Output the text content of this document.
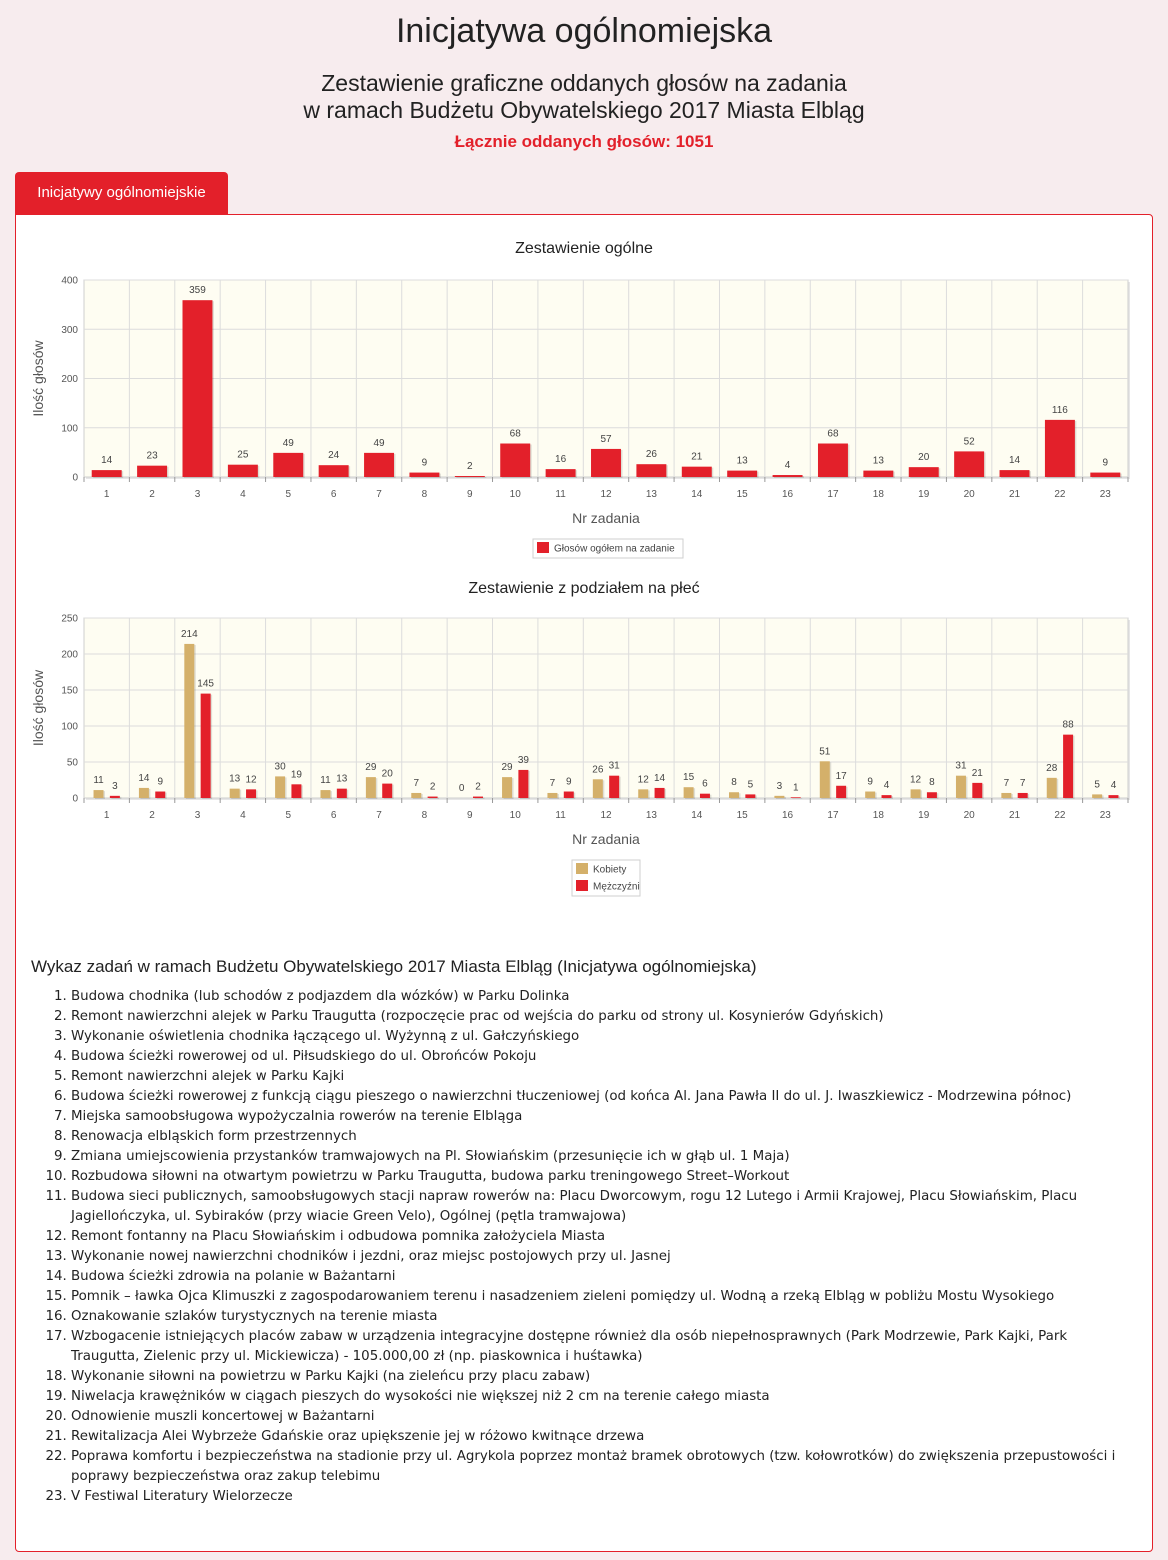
Inicjatywa ogólnomiejska
Zestawienie graficzne oddanych głosów na zadania
w ramach Budżetu Obywatelskiego 2017 Miasta Elbląg
Łącznie oddanych głosów: 1051
Inicjatywy ogólnomiejskie
Zestawienie ogólne
0
100
200
300
400
1	2	3	4	5	6	7	8	9	10	11	12	13	14	15	16	17	18	19	20	21	22	23
14	23
359
25
49
24
49
9	2
68
16
57
26	21	13	4
68
13	20
52
14
116
9
Nr zadania
Ilość głosów
Głosów ogółem na zadanie
Zestawienie z podziałem na płeć
0
50
100
150
200
250
1	2	3	4	5	6	7	8	9	10	11	12	13	14	15	16	17	18	19	20	21	22	23
11	14
214
13
30
11
29
7	0
29
7
26
12	15	8	3
51
9	12
31
7
28
5
3	9
145
12	19	13	20
2	2
39
9
31
14
6	5	1
17
4	8
21
7
88
4
Nr zadania
Ilość głosów
Kobiety
Mężczyźni
Wykaz zadań w ramach Budżetu Obywatelskiego 2017 Miasta Elbląg (Inicjatywa ogólnomiejska)
1. Budowa chodnika (lub schodów z podjazdem dla wózków) w Parku Dolinka
2. Remont nawierzchni alejek w Parku Traugutta (rozpoczęcie prac od wejścia do parku od strony ul. Kosynierów Gdyńskich)
3. Wykonanie oświetlenia chodnika łączącego ul. Wyżynną z ul. Gałczyńskiego
4. Budowa ścieżki rowerowej od ul. Piłsudskiego do ul. Obrońców Pokoju
5. Remont nawierzchni alejek w Parku Kajki
6. Budowa ścieżki rowerowej z funkcją ciągu pieszego o nawierzchni tłuczeniowej (od końca Al. Jana Pawła II do ul. J. Iwaszkiewicz - Modrzewina północ)
7. Miejska samoobsługowa wypożyczalnia rowerów na terenie Elbląga
8. Renowacja elbląskich form przestrzennych
9. Zmiana umiejscowienia przystanków tramwajowych na Pl. Słowiańskim (przesunięcie ich w głąb ul. 1 Maja)
10. Rozbudowa siłowni na otwartym powietrzu w Parku Traugutta, budowa parku treningowego Street–Workout
11. Budowa sieci publicznych, samoobsługowych stacji napraw rowerów na: Placu Dworcowym, rogu 12 Lutego i Armii Krajowej, Placu Słowiańskim, Placu Jagiellończyka, ul. Sybiraków (przy wiacie Green Velo), Ogólnej (pętla tramwajowa)
12. Remont fontanny na Placu Słowiańskim i odbudowa pomnika założyciela Miasta
13. Wykonanie nowej nawierzchni chodników i jezdni, oraz miejsc postojowych przy ul. Jasnej
14. Budowa ścieżki zdrowia na polanie w Bażantarni
15. Pomnik – ławka Ojca Klimuszki z zagospodarowaniem terenu i nasadzeniem zieleni pomiędzy ul. Wodną a rzeką Elbląg w pobliżu Mostu Wysokiego
16. Oznakowanie szlaków turystycznych na terenie miasta
17. Wzbogacenie istniejących placów zabaw w urządzenia integracyjne dostępne również dla osób niepełnosprawnych (Park Modrzewie, Park Kajki, Park Traugutta, Zielenic przy ul. Mickiewicza) - 105.000,00 zł (np. piaskownica i huśtawka)
18. Wykonanie siłowni na powietrzu w Parku Kajki (na zieleńcu przy placu zabaw)
19. Niwelacja krawężników w ciągach pieszych do wysokości nie większej niż 2 cm na terenie całego miasta
20. Odnowienie muszli koncertowej w Bażantarni
21. Rewitalizacja Alei Wybrzeże Gdańskie oraz upiększenie jej w różowo kwitnące drzewa
22. Poprawa komfortu i bezpieczeństwa na stadionie przy ul. Agrykola poprzez montaż bramek obrotowych (tzw. kołowrotków) do zwiększenia przepustowości i poprawy bezpieczeństwa oraz zakup telebimu
23. V Festiwal Literatury Wielorzecze
